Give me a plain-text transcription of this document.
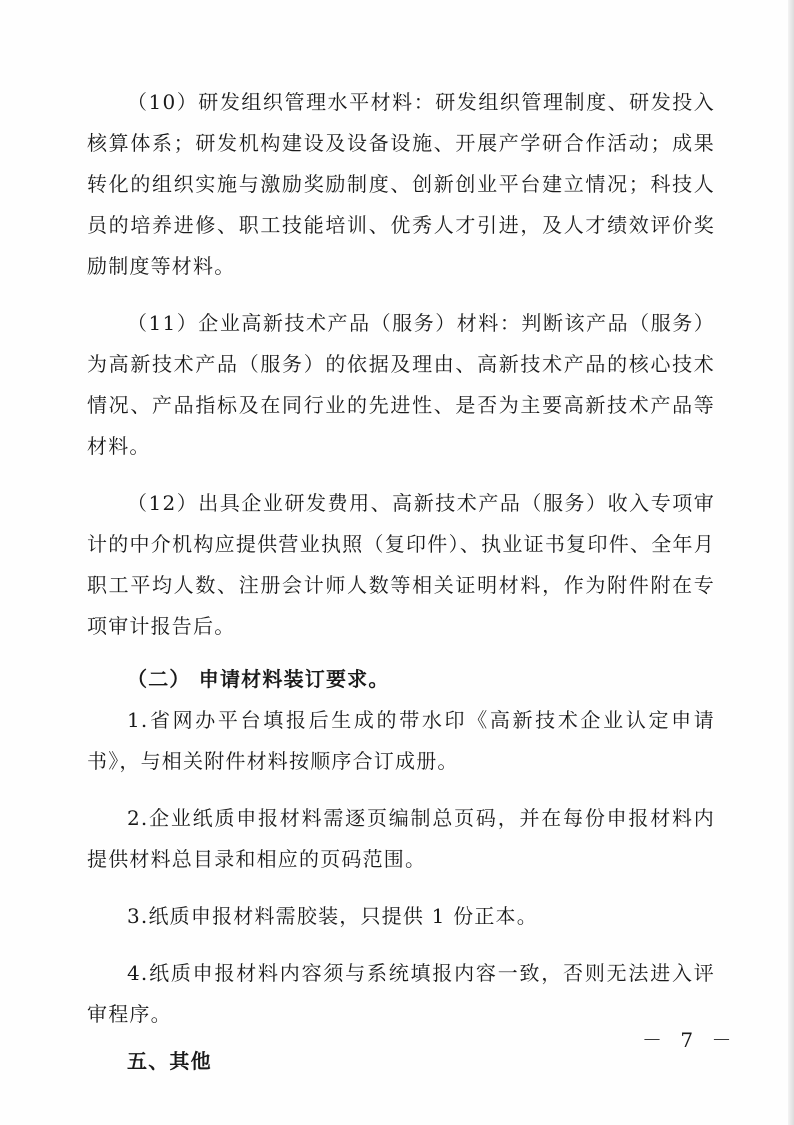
（10）研发组织管理水平材料：研发组织管理制度、研发投入核算体系；研发机构建设及设备设施、开展产学研合作活动；成果转化的组织实施与激励奖励制度、创新创业平台建立情况；科技人员的培养进修、职工技能培训、优秀人才引进，及人才绩效评价奖励制度等材料。

（11）企业高新技术产品（服务）材料：判断该产品（服务）为高新技术产品（服务）的依据及理由、高新技术产品的核心技术情况、产品指标及在同行业的先进性、是否为主要高新技术产品等材料。

（12）出具企业研发费用、高新技术产品（服务）收入专项审计的中介机构应提供营业执照（复印件）、执业证书复印件、全年月职工平均人数、注册会计师人数等相关证明材料，作为附件附在专项审计报告后。

（二） 申请材料装订要求。

1.省网办平台填报后生成的带水印《高新技术企业认定申请书》，与相关附件材料按顺序合订成册。

2.企业纸质申报材料需逐页编制总页码，并在每份申报材料内提供材料总目录和相应的页码范围。

3.纸质申报材料需胶装，只提供 1 份正本。

4.纸质申报材料内容须与系统填报内容一致，否则无法进入评审程序。

五、其他

－ 7 －
